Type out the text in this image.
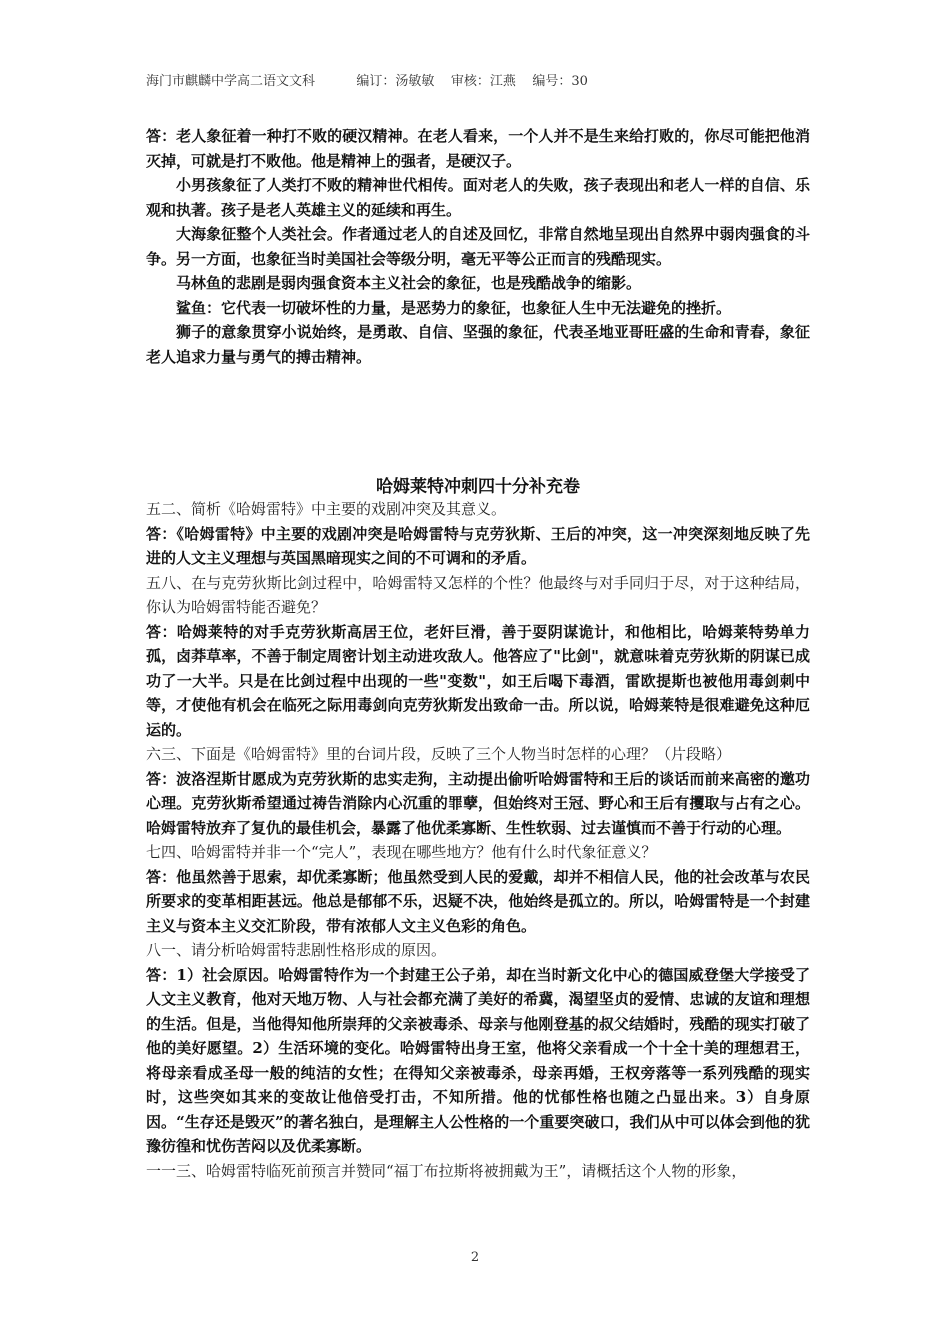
海门市麒麟中学高二语文文科          编订：汤敏敏    审核：江燕    编号：30

答：老人象征着一种打不败的硬汉精神。在老人看来，一个人并不是生来给打败的，你尽可能把他消灭掉，可就是打不败他。他是精神上的强者，是硬汉子。

小男孩象征了人类打不败的精神世代相传。面对老人的失败，孩子表现出和老人一样的自信、乐观和执著。孩子是老人英雄主义的延续和再生。

大海象征整个人类社会。作者通过老人的自述及回忆，非常自然地呈现出自然界中弱肉强食的斗争。另一方面，也象征当时美国社会等级分明，毫无平等公正而言的残酷现实。

马林鱼的悲剧是弱肉强食资本主义社会的象征，也是残酷战争的缩影。

鲨鱼：它代表一切破坏性的力量，是恶势力的象征，也象征人生中无法避免的挫折。

狮子的意象贯穿小说始终，是勇敢、自信、坚强的象征，代表圣地亚哥旺盛的生命和青春，象征老人追求力量与勇气的搏击精神。

哈姆莱特冲刺四十分补充卷

五二、简析《哈姆雷特》中主要的戏剧冲突及其意义。

答：《哈姆雷特》中主要的戏剧冲突是哈姆雷特与克劳狄斯、王后的冲突，这一冲突深刻地反映了先进的人文主义理想与英国黑暗现实之间的不可调和的矛盾。

五八、在与克劳狄斯比剑过程中，哈姆雷特又怎样的个性？他最终与对手同归于尽，对于这种结局，你认为哈姆雷特能否避免？

答：哈姆莱特的对手克劳狄斯高居王位，老奸巨滑，善于耍阴谋诡计，和他相比，哈姆莱特势单力孤，卤莽草率，不善于制定周密计划主动进攻敌人。他答应了"比剑"，就意味着克劳狄斯的阴谋已成功了一大半。只是在比剑过程中出现的一些"变数"，如王后喝下毒酒，雷欧提斯也被他用毒剑刺中等，才使他有机会在临死之际用毒剑向克劳狄斯发出致命一击。所以说，哈姆莱特是很难避免这种厄运的。

六三、下面是《哈姆雷特》里的台词片段，反映了三个人物当时怎样的心理？（片段略）

答：波洛涅斯甘愿成为克劳狄斯的忠实走狗，主动提出偷听哈姆雷特和王后的谈话而前来高密的邀功心理。克劳狄斯希望通过祷告消除内心沉重的罪孽，但始终对王冠、野心和王后有攫取与占有之心。哈姆雷特放弃了复仇的最佳机会，暴露了他优柔寡断、生性软弱、过去谨慎而不善于行动的心理。

七四、哈姆雷特并非一个“完人”，表现在哪些地方？他有什么时代象征意义？

答：他虽然善于思索，却优柔寡断；他虽然受到人民的爱戴，却并不相信人民，他的社会改革与农民所要求的变革相距甚远。他总是郁郁不乐，迟疑不决，他始终是孤立的。所以，哈姆雷特是一个封建主义与资本主义交汇阶段，带有浓郁人文主义色彩的角色。

八一、请分析哈姆雷特悲剧性格形成的原因。

答：1）社会原因。哈姆雷特作为一个封建王公子弟，却在当时新文化中心的德国威登堡大学接受了人文主义教育，他对天地万物、人与社会都充满了美好的希冀，渴望坚贞的爱情、忠诚的友谊和理想的生活。但是，当他得知他所崇拜的父亲被毒杀、母亲与他刚登基的叔父结婚时，残酷的现实打破了他的美好愿望。2）生活环境的变化。哈姆雷特出身王室，他将父亲看成一个十全十美的理想君王，将母亲看成圣母一般的纯洁的女性；在得知父亲被毒杀，母亲再婚，王权旁落等一系列残酷的现实时，这些突如其来的变故让他倍受打击，不知所措。他的忧郁性格也随之凸显出来。3）自身原因。“生存还是毁灭”的著名独白，是理解主人公性格的一个重要突破口，我们从中可以体会到他的犹豫彷徨和忧伤苦闷以及优柔寡断。

一一三、哈姆雷特临死前预言并赞同“福丁布拉斯将被拥戴为王”，请概括这个人物的形象，

2
